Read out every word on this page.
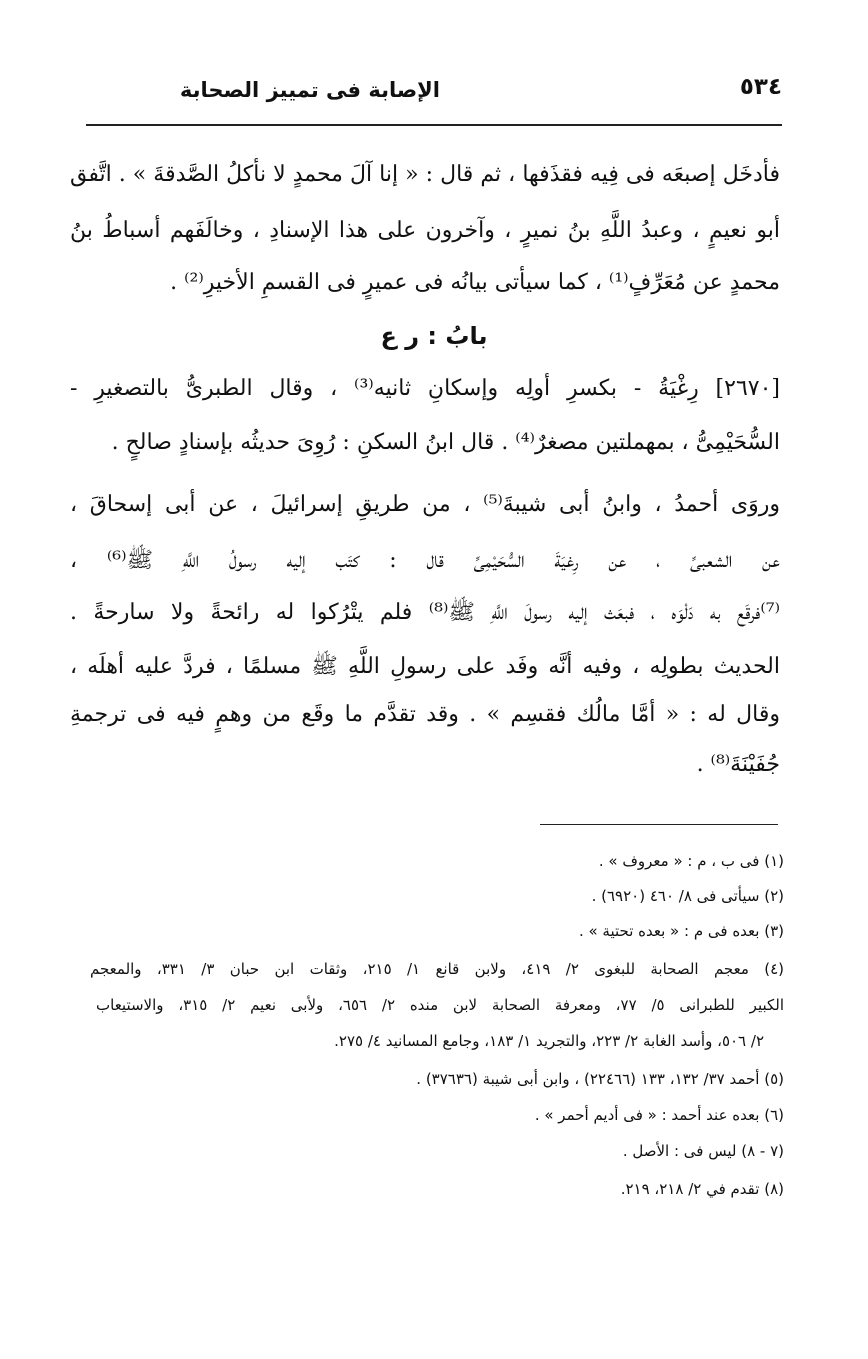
٥٣٤
الإصابة فى تمييز الصحابة
فأدخَل إصبعَه فى فِيه فقذَفها ، ثم قال : « إنا آلَ محمدٍ لا نأكلُ الصَّدقةَ » . اتَّفق
أبو نعيمٍ ، وعبدُ اللَّهِ بنُ نميرٍ ، وآخرون على هذا الإسنادِ ، وخالَفَهم أسباطُ بنُ
محمدٍ عن مُعَرِّفٍ⁽¹⁾ ، كما سيأتى بيانُه فى عميرٍ فى القسمِ الأخيرِ⁽²⁾ .
بابُ : ر ع
[٢٦٧٠] رِغْيَةُ - بكسرِ أولِه وإسكانِ ثانيه⁽³⁾ ، وقال الطبرىُّ بالتصغيرِ -
السُّحَيْمِىُّ ، بمهملتين مصغرٌ⁽⁴⁾ . قال ابنُ السكنِ : رُوِىَ حديثُه بإسنادٍ صالحٍ .
وروَى أحمدُ ، وابنُ أبى شيبةَ⁽⁵⁾ ، من طريقِ إسرائيلَ ، عن أبى إسحاقَ ،
عن الشعبىِّ ، عن رِغيَةَ السُّحَيْمِىِّ قال : كتَب إليه رسولُ اللَّهِ ﷺ⁽⁶⁾ ،
⁽⁷⁾فرقَع به دَلْوَه ، فبعَث إليه رسولَ اللَّهِ ﷺ⁽⁸⁾ فلم يتْرُكوا له رائحةً ولا سارحةً .
الحديث بطولِه ، وفيه أنَّه وفَد على رسولِ اللَّهِ ﷺ مسلمًا ، فردَّ عليه أهلَه ،
وقال له : « أمَّا مالُك فقسِم » . وقد تقدَّم ما وقَع من وهمٍ فيه فى ترجمةِ
جُفَيْنَةَ⁽⁸⁾ .
(١) فى ب ، م : « معروف » .
(٢) سيأتى فى ٨/ ٤٦٠ (٦٩٢٠) .
(٣) بعده فى م : « بعده تحتية » .
(٤) معجم الصحابة للبغوى ٢/ ٤١٩، ولابن قانع ١/ ٢١٥، وثقات ابن حبان ٣/ ٣٣١، والمعجم
الكبير للطبرانى ٥/ ٧٧، ومعرفة الصحابة لابن منده ٢/ ٦٥٦، ولأبى نعيم ٢/ ٣١٥، والاستيعاب
٢/ ٥٠٦، وأسد الغابة ٢/ ٢٢٣، والتجريد ١/ ١٨٣، وجامع المسانيد ٤/ ٢٧٥.
(٥) أحمد ٣٧/ ١٣٢، ١٣٣ (٢٢٤٦٦) ، وابن أبى شيبة (٣٧٦٣٦) .
(٦) بعده عند أحمد : « فى أديم أحمر » .
(٧ - ٨) ليس فى : الأصل .
(٨) تقدم في ٢/ ٢١٨، ٢١٩.
